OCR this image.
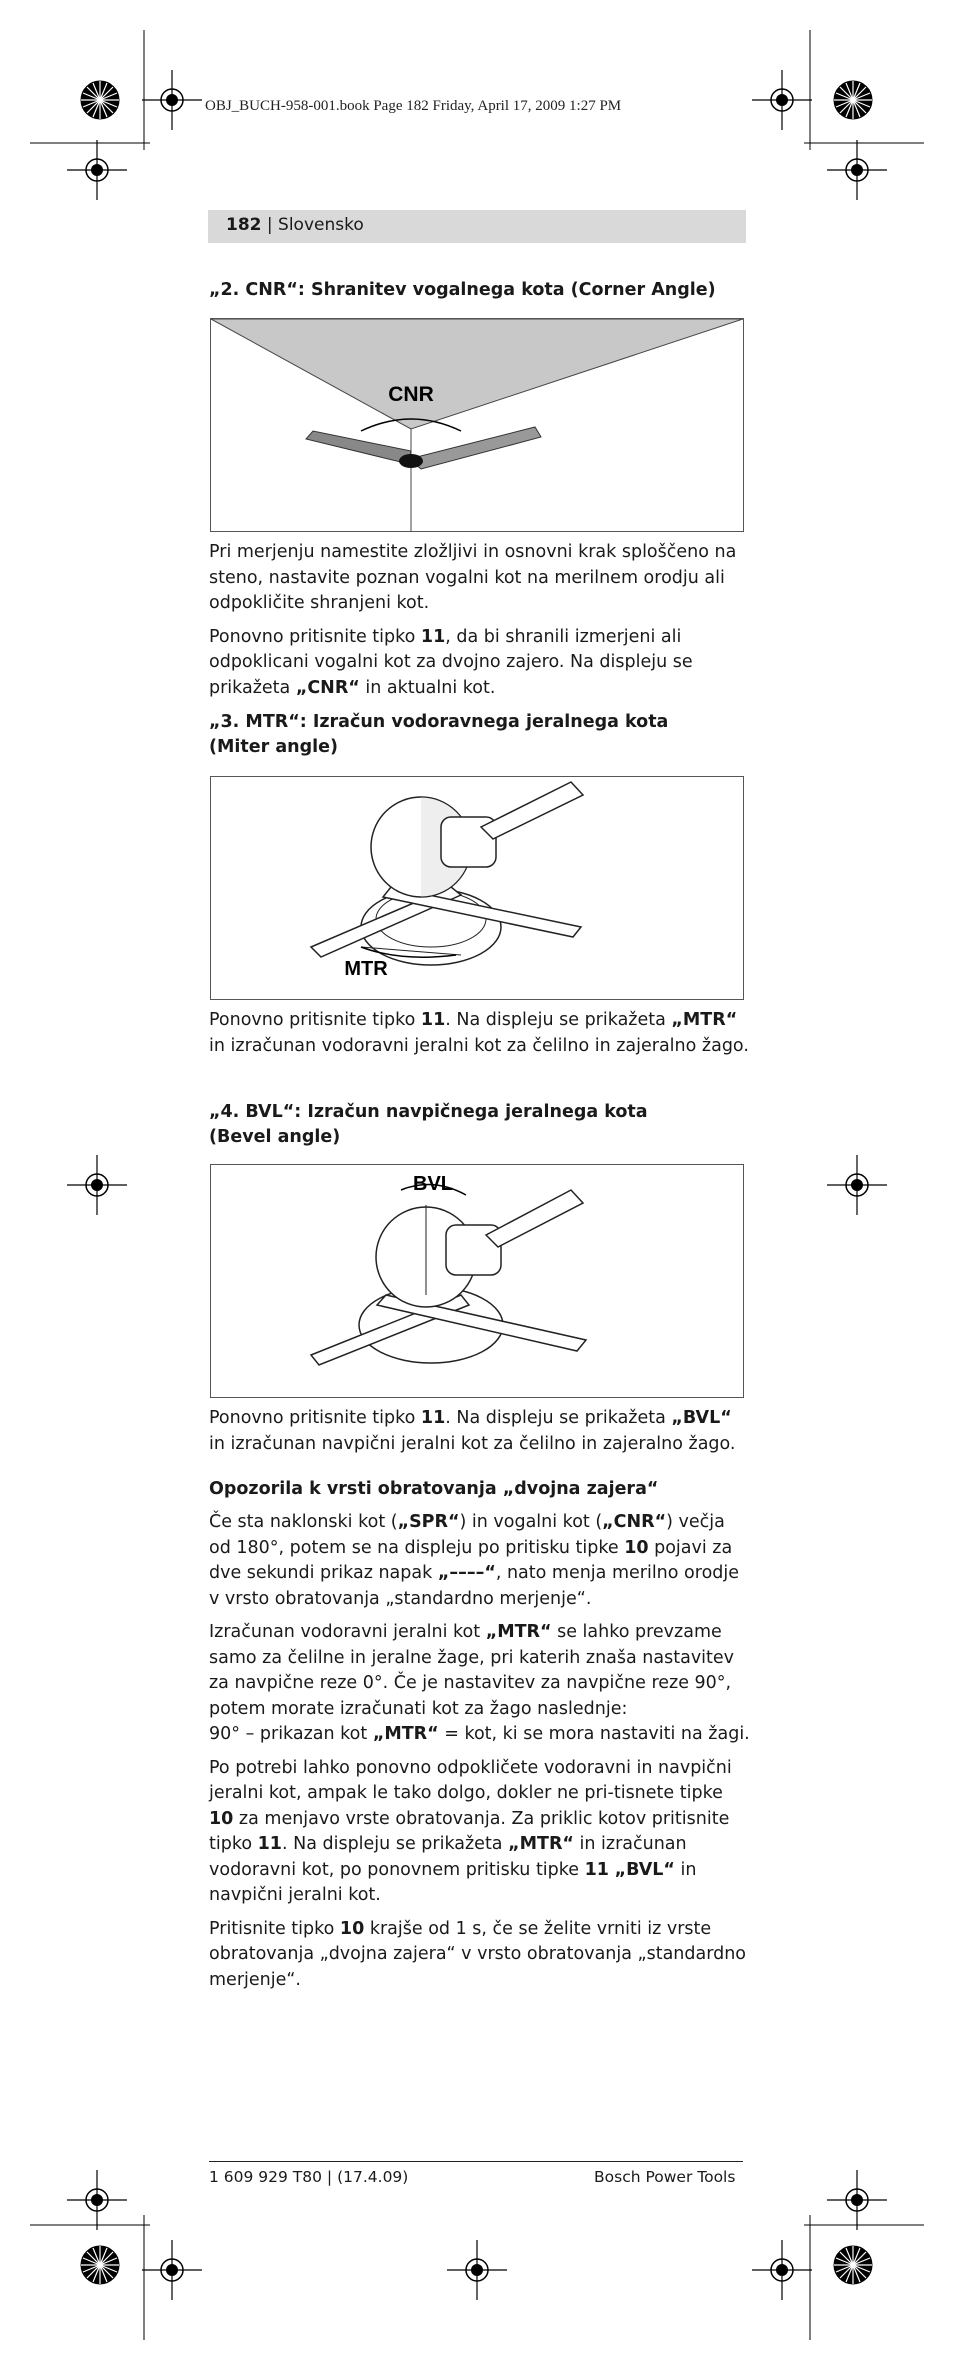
OBJ_BUCH-958-001.book Page 182 Friday, April 17, 2009 1:27 PM
182 | Slovensko
„2. CNR“: Shranitev vogalnega kota (Corner Angle)
CNR

Pri merjenju namestite zložljivi in osnovni krak sploščeno na steno, nastavite poznan vogalni kot na merilnem orodju ali odpokličite shranjeni kot.

Ponovno pritisnite tipko 11, da bi shranili izmerjeni ali odpoklicani vogalni kot za dvojno zajero. Na displeju se prikažeta „CNR“ in aktualni kot.

„3. MTR“: Izračun vodoravnega jeralnega kota
(Miter angle)
MTR

Ponovno pritisnite tipko 11. Na displeju se prikažeta „MTR“ in izračunan vodoravni jeralni kot za čelilno in zajeralno žago.

„4. BVL“: Izračun navpičnega jeralnega kota
(Bevel angle)
BVL

Ponovno pritisnite tipko 11. Na displeju se prikažeta „BVL“ in izračunan navpični jeralni kot za čelilno in zajeralno žago.

Opozorila k vrsti obratovanja „dvojna zajera“

Če sta naklonski kot („SPR“) in vogalni kot („CNR“) večja od 180°, potem se na displeju po pritisku tipke 10 pojavi za dve sekundi prikaz napak „––––“, nato menja merilno orodje v vrsto obratovanja „standardno merjenje“.

Izračunan vodoravni jeralni kot „MTR“ se lahko prevzame samo za čelilne in jeralne žage, pri katerih znaša nastavitev za navpične reze 0°. Če je nastavitev za navpične reze 90°, potem morate izračunati kot za žago naslednje:
90° – prikazan kot „MTR“ = kot, ki se mora nastaviti na žagi.

Po potrebi lahko ponovno odpokličete vodoravni in navpični jeralni kot, ampak le tako dolgo, dokler ne pri-tisnete tipke 10 za menjavo vrste obratovanja. Za priklic kotov pritisnite tipko 11. Na displeju se prikažeta „MTR“ in izračunan vodoravni kot, po ponovnem pritisku tipke 11 „BVL“ in navpični jeralni kot.

Pritisnite tipko 10 krajše od 1 s, če se želite vrniti iz vrste obratovanja „dvojna zajera“ v vrsto obratovanja „standardno merjenje“.

1 609 929 T80 | (17.4.09)	Bosch Power Tools
